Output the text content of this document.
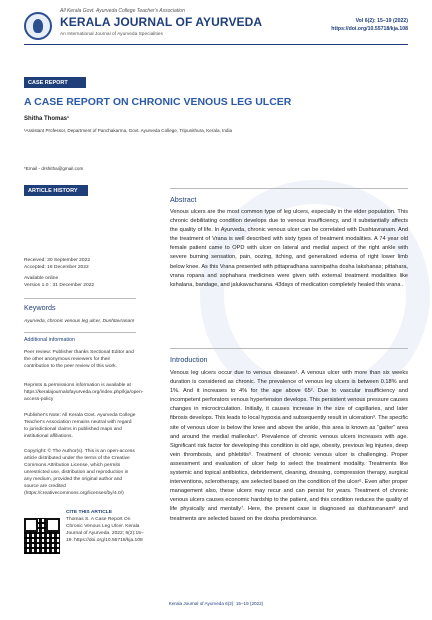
All Kerala Govt. Ayurveda College Teacher's Association
KERALA JOURNAL OF AYURVEDA
An International Journal of Ayurveda Specialities
Vol 6(2): 15–19 (2022)
https://doi.org/10.55718/kja.108
CASE REPORT
A CASE REPORT ON CHRONIC VENOUS LEG ULCER
Shitha Thomas¹
¹Assistant Professor, Department of Panchakarma, Govt. Ayurveda College, Tripunithura, Kerala, India
*Email - drshitha@gmail.com
ARTICLE HISTORY
Received: 30 September 2022
Accepted: 16 December 2022
Available online
Version 1.0 : 31 December 2022
Keywords
Ayurveda, chronic venous leg ulcer, Dushtavranam
Additional information
Peer review: Publisher thanks Sectional Editor and the other anonymous reviewers for their contribution to the peer review of this work.
Reprints & permissions information is available at https://keralajournalofayurveda.org/index.php/kja/open-access-policy
Publisher's Note: All Kerala Govt. Ayurveda College Teacher's Association remains neutral with regard to jurisdictional claims in published maps and institutional affiliations.
Copyright: © The Author(s). This is an open-access article distributed under the terms of the Creative Commons Attribution License, which permits unrestricted use, distribution and reproduction in any medium, provided the original author and source are credited (https://creativecommons.org/licenses/by/4.0/)
CITE THIS ARTICLE
Thomas S. A Case Report On Chronic Venous Leg Ulcer. Kerala Journal of Ayurveda. 2022; 6(2):15–19. https://doi.org/10.55718/kja.108
Abstract
Venous ulcers are the most common type of leg ulcers, especially in the elder population. This chronic debilitating condition develops due to venous insufficiency, and it substantially affects the quality of life. In Ayurveda, chronic venous ulcer can be correlated with Dushtavranam. And the treatment of Vrana is well described with sixty types of treatment modalities. A 74 year old female patient came to OPD with ulcer on lateral and medial aspect of the right ankle with severe burning sensation, pain, oozing, itching, and generalized edema of right lower limb below knee. As this Vrana presented with pittapradhana sannipatha dosha lakshanas; pittahara, vrana ropana and sophahara medicines were given with external treatment modalities like kshalana, bandage, and jalukavacharana. 43days of medication completely healed this vrana .
Introduction
Venous leg ulcers occur due to venous diseases¹. A venous ulcer with more than six weeks duration is considered as chronic. The prevalence of venous leg ulcers is between 0.18% and 1%. And it increases to 4% for the age above 65². Due to vascular insufficiency and incompetent perforators venous hypertension develops. This persistent venous pressure causes changes in microcirculation. Initially, it causes increase in the size of capillaries, and later fibrosis develops. This leads to local hypoxia and subsequently result in ulceration³. The specific site of venous ulcer is below the knee and above the ankle, this area is known as “gaiter” area and around the medial malleolus⁴. Prevalence of chronic venous ulcers increases with age. Significant risk factor for developing this condition is old age, obesity, previous leg injuries, deep vein thrombosis, and phlebitis⁵. Treatment of chronic venous ulcer is challenging. Proper assessment and evaluation of ulcer help to select the treatment modality. Treatments like systemic and topical antibiotics, debridement, cleaning, dressing, compression therapy, surgical interventions, sclerotherapy, are selected based on the condition of the ulcer⁶. Even after proper management also, these ulcers may recur and can persist for years. Treatment of chronic venous ulcers causes economic hardship to the patient, and this condition reduces the quality of life physically and mentally⁷. Here, the present case is diagnosed as dushtavranam⁸ and treatments are selected based on the dosha predominance.
Kerala Journal of Ayurveda 6(2): 15–19 (2022)
